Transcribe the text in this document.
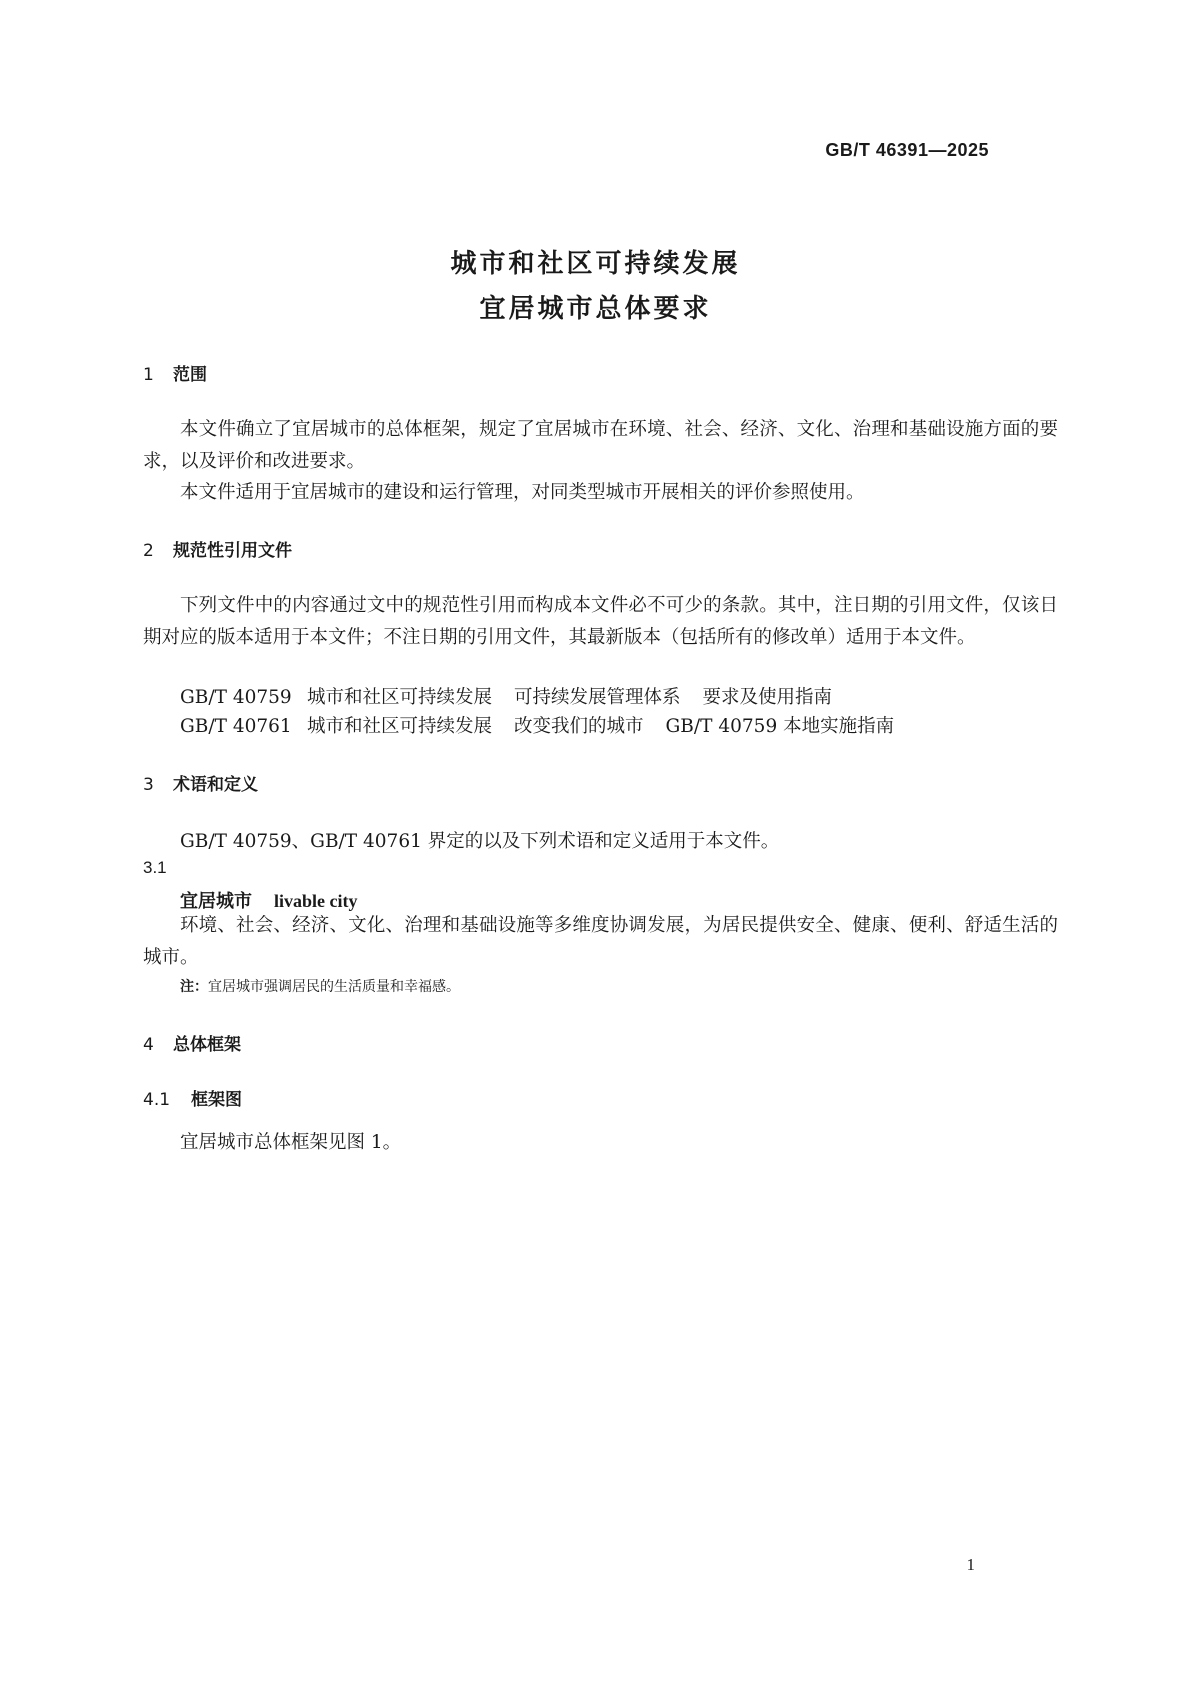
GB/T 46391—2025
城市和社区可持续发展
宜居城市总体要求
1 范围
本文件确立了宜居城市的总体框架，规定了宜居城市在环境、社会、经济、文化、治理和基础设施方面的要求，以及评价和改进要求。
本文件适用于宜居城市的建设和运行管理，对同类型城市开展相关的评价参照使用。
2 规范性引用文件
下列文件中的内容通过文中的规范性引用而构成本文件必不可少的条款。其中，注日期的引用文件，仅该日期对应的版本适用于本文件；不注日期的引用文件，其最新版本（包括所有的修改单）适用于本文件。
GB/T 40759 城市和社区可持续发展 可持续发展管理体系 要求及使用指南
GB/T 40761 城市和社区可持续发展 改变我们的城市 GB/T 40759 本地实施指南
3 术语和定义
GB/T 40759、GB/T 40761 界定的以及下列术语和定义适用于本文件。
3.1
宜居城市 livable city
环境、社会、经济、文化、治理和基础设施等多维度协调发展，为居民提供安全、健康、便利、舒适生活的城市。
注：宜居城市强调居民的生活质量和幸福感。
4 总体框架
4.1 框架图
宜居城市总体框架见图 1。
1
